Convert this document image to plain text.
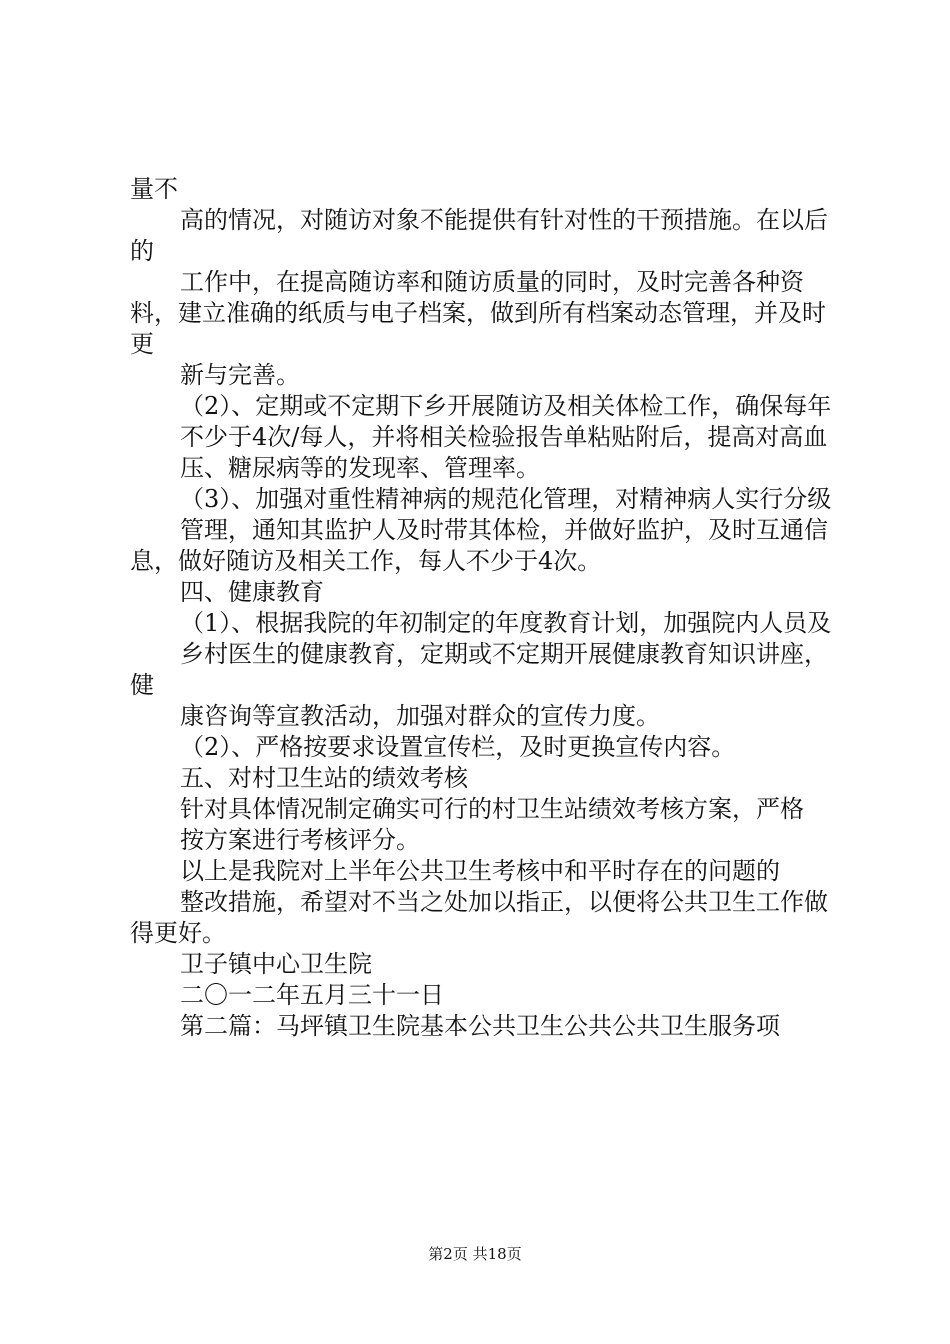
量不

高的情况，对随访对象不能提供有针对性的干预措施。在以后的

工作中，在提高随访率和随访质量的同时，及时完善各种资料，建立准确的纸质与电子档案，做到所有档案动态管理，并及时更

新与完善。

（2）、定期或不定期下乡开展随访及相关体检工作，确保每年

不少于4次/每人，并将相关检验报告单粘贴附后，提高对高血

压、糖尿病等的发现率、管理率。

（3）、加强对重性精神病的规范化管理，对精神病人实行分级

管理，通知其监护人及时带其体检，并做好监护，及时互通信息，做好随访及相关工作，每人不少于4次。

四、健康教育

（1）、根据我院的年初制定的年度教育计划，加强院内人员及

乡村医生的健康教育，定期或不定期开展健康教育知识讲座，健

康咨询等宣教活动，加强对群众的宣传力度。

（2）、严格按要求设置宣传栏，及时更换宣传内容。

五、对村卫生站的绩效考核

针对具体情况制定确实可行的村卫生站绩效考核方案，严格

按方案进行考核评分。

以上是我院对上半年公共卫生考核中和平时存在的问题的

整改措施，希望对不当之处加以指正，以便将公共卫生工作做得更好。

卫子镇中心卫生院

二〇一二年五月三十一日

第二篇：马坪镇卫生院基本公共卫生公共公共卫生服务项

第2页 共18页
